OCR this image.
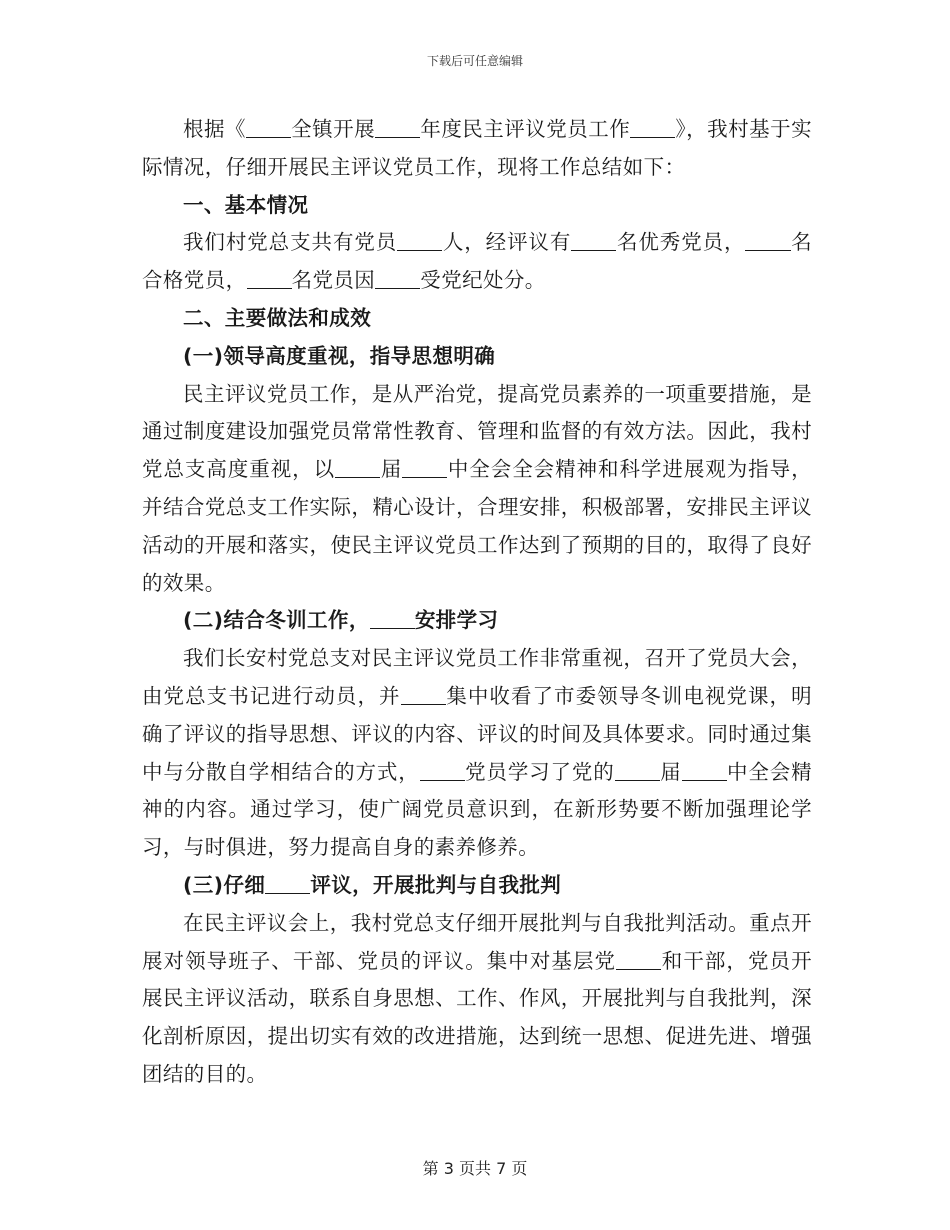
下载后可任意编辑

根据《 全镇开展 年度民主评议党员工作 》，我村基于实际情况，仔细开展民主评议党员工作，现将工作总结如下：

一、基本情况

我们村党总支共有党员 人，经评议有 名优秀党员， 名合格党员， 名党员因 受党纪处分。

二、主要做法和成效

(一)领导高度重视，指导思想明确

民主评议党员工作，是从严治党，提高党员素养的一项重要措施，是通过制度建设加强党员常常性教育、管理和监督的有效方法。因此，我村党总支高度重视，以 届 中全会全会精神和科学进展观为指导，并结合党总支工作实际，精心设计，合理安排，积极部署，安排民主评议活动的开展和落实，使民主评议党员工作达到了预期的目的，取得了良好的效果。

(二)结合冬训工作， 安排学习

我们长安村党总支对民主评议党员工作非常重视，召开了党员大会，由党总支书记进行动员，并 集中收看了市委领导冬训电视党课，明确了评议的指导思想、评议的内容、评议的时间及具体要求。同时通过集中与分散自学相结合的方式， 党员学习了党的 届 中全会精神的内容。通过学习，使广阔党员意识到，在新形势要不断加强理论学习，与时俱进，努力提高自身的素养修养。

(三)仔细 评议，开展批判与自我批判

在民主评议会上，我村党总支仔细开展批判与自我批判活动。重点开展对领导班子、干部、党员的评议。集中对基层党 和干部，党员开展民主评议活动，联系自身思想、工作、作风，开展批判与自我批判，深化剖析原因，提出切实有效的改进措施，达到统一思想、促进先进、增强团结的目的。

第 3 页共 7 页
